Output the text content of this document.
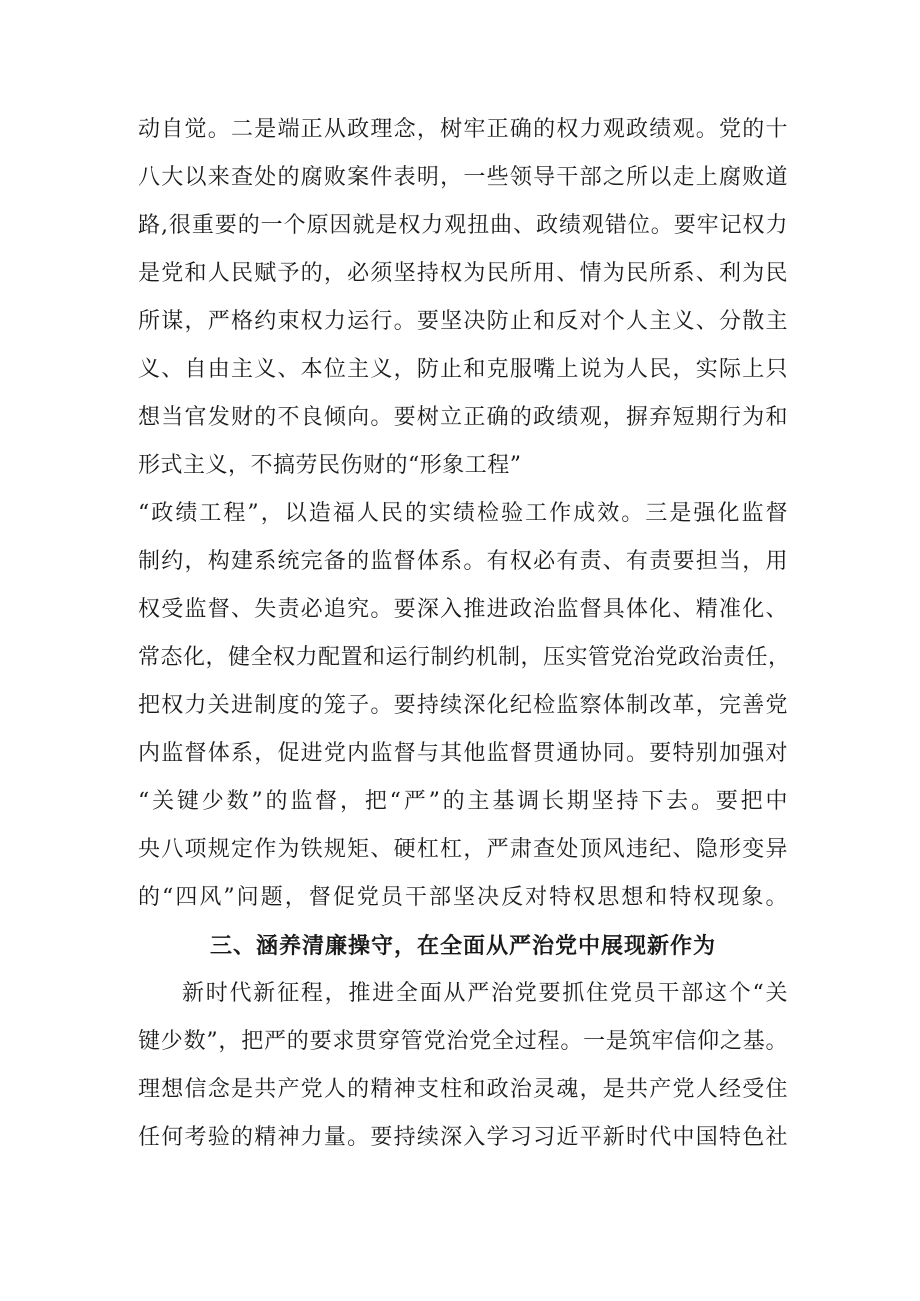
动自觉。二是端正从政理念，树牢正确的权力观政绩观。党的十
八大以来查处的腐败案件表明，一些领导干部之所以走上腐败道
路,很重要的一个原因就是权力观扭曲、政绩观错位。要牢记权力
是党和人民赋予的，必须坚持权为民所用、情为民所系、利为民
所谋，严格约束权力运行。要坚决防止和反对个人主义、分散主
义、自由主义、本位主义，防止和克服嘴上说为人民，实际上只
想当官发财的不良倾向。要树立正确的政绩观，摒弃短期行为和
形式主义，不搞劳民伤财的“形象工程”
“政绩工程”，以造福人民的实绩检验工作成效。三是强化监督
制约，构建系统完备的监督体系。有权必有责、有责要担当，用
权受监督、失责必追究。要深入推进政治监督具体化、精准化、
常态化，健全权力配置和运行制约机制，压实管党治党政治责任，
把权力关进制度的笼子。要持续深化纪检监察体制改革，完善党
内监督体系，促进党内监督与其他监督贯通协同。要特别加强对
“关键少数”的监督，把“严”的主基调长期坚持下去。要把中
央八项规定作为铁规矩、硬杠杠，严肃查处顶风违纪、隐形变异
的“四风”问题，督促党员干部坚决反对特权思想和特权现象。
三、涵养清廉操守，在全面从严治党中展现新作为
新时代新征程，推进全面从严治党要抓住党员干部这个“关
键少数”，把严的要求贯穿管党治党全过程。一是筑牢信仰之基。
理想信念是共产党人的精神支柱和政治灵魂，是共产党人经受住
任何考验的精神力量。要持续深入学习习近平新时代中国特色社
